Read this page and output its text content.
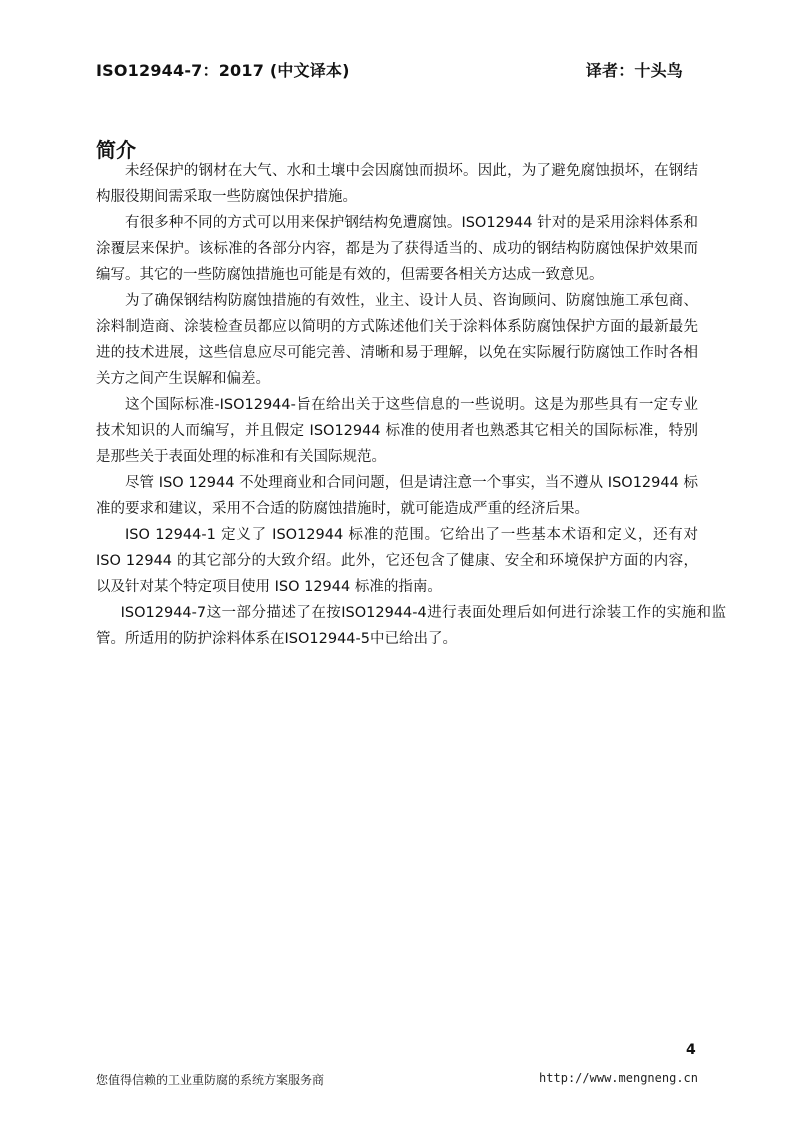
ISO12944-7：2017 (中文译本)	译者：十头鸟
简介

未经保护的钢材在大气、水和土壤中会因腐蚀而损坏。因此，为了避免腐蚀损坏，在钢结构服役期间需采取一些防腐蚀保护措施。

有很多种不同的方式可以用来保护钢结构免遭腐蚀。ISO12944 针对的是采用涂料体系和涂覆层来保护。该标准的各部分内容，都是为了获得适当的、成功的钢结构防腐蚀保护效果而编写。其它的一些防腐蚀措施也可能是有效的，但需要各相关方达成一致意见。

为了确保钢结构防腐蚀措施的有效性，业主、设计人员、咨询顾问、防腐蚀施工承包商、涂料制造商、涂装检查员都应以简明的方式陈述他们关于涂料体系防腐蚀保护方面的最新最先进的技术进展，这些信息应尽可能完善、清晰和易于理解，以免在实际履行防腐蚀工作时各相关方之间产生误解和偏差。

这个国际标准-ISO12944-旨在给出关于这些信息的一些说明。这是为那些具有一定专业技术知识的人而编写，并且假定 ISO12944 标准的使用者也熟悉其它相关的国际标准，特别是那些关于表面处理的标准和有关国际规范。

尽管 ISO 12944 不处理商业和合同问题，但是请注意一个事实，当不遵从 ISO12944 标准的要求和建议，采用不合适的防腐蚀措施时，就可能造成严重的经济后果。

ISO 12944-1 定义了 ISO12944 标准的范围。它给出了一些基本术语和定义，还有对 ISO 12944 的其它部分的大致介绍。此外，它还包含了健康、安全和环境保护方面的内容，以及针对某个特定项目使用 ISO 12944 标准的指南。

ISO12944-7这一部分描述了在按ISO12944-4进行表面处理后如何进行涂装工作的实施和监管。所适用的防护涂料体系在ISO12944-5中已给出了。

4
您值得信赖的工业重防腐的系统方案服务商	http://www.mengneng.cn
